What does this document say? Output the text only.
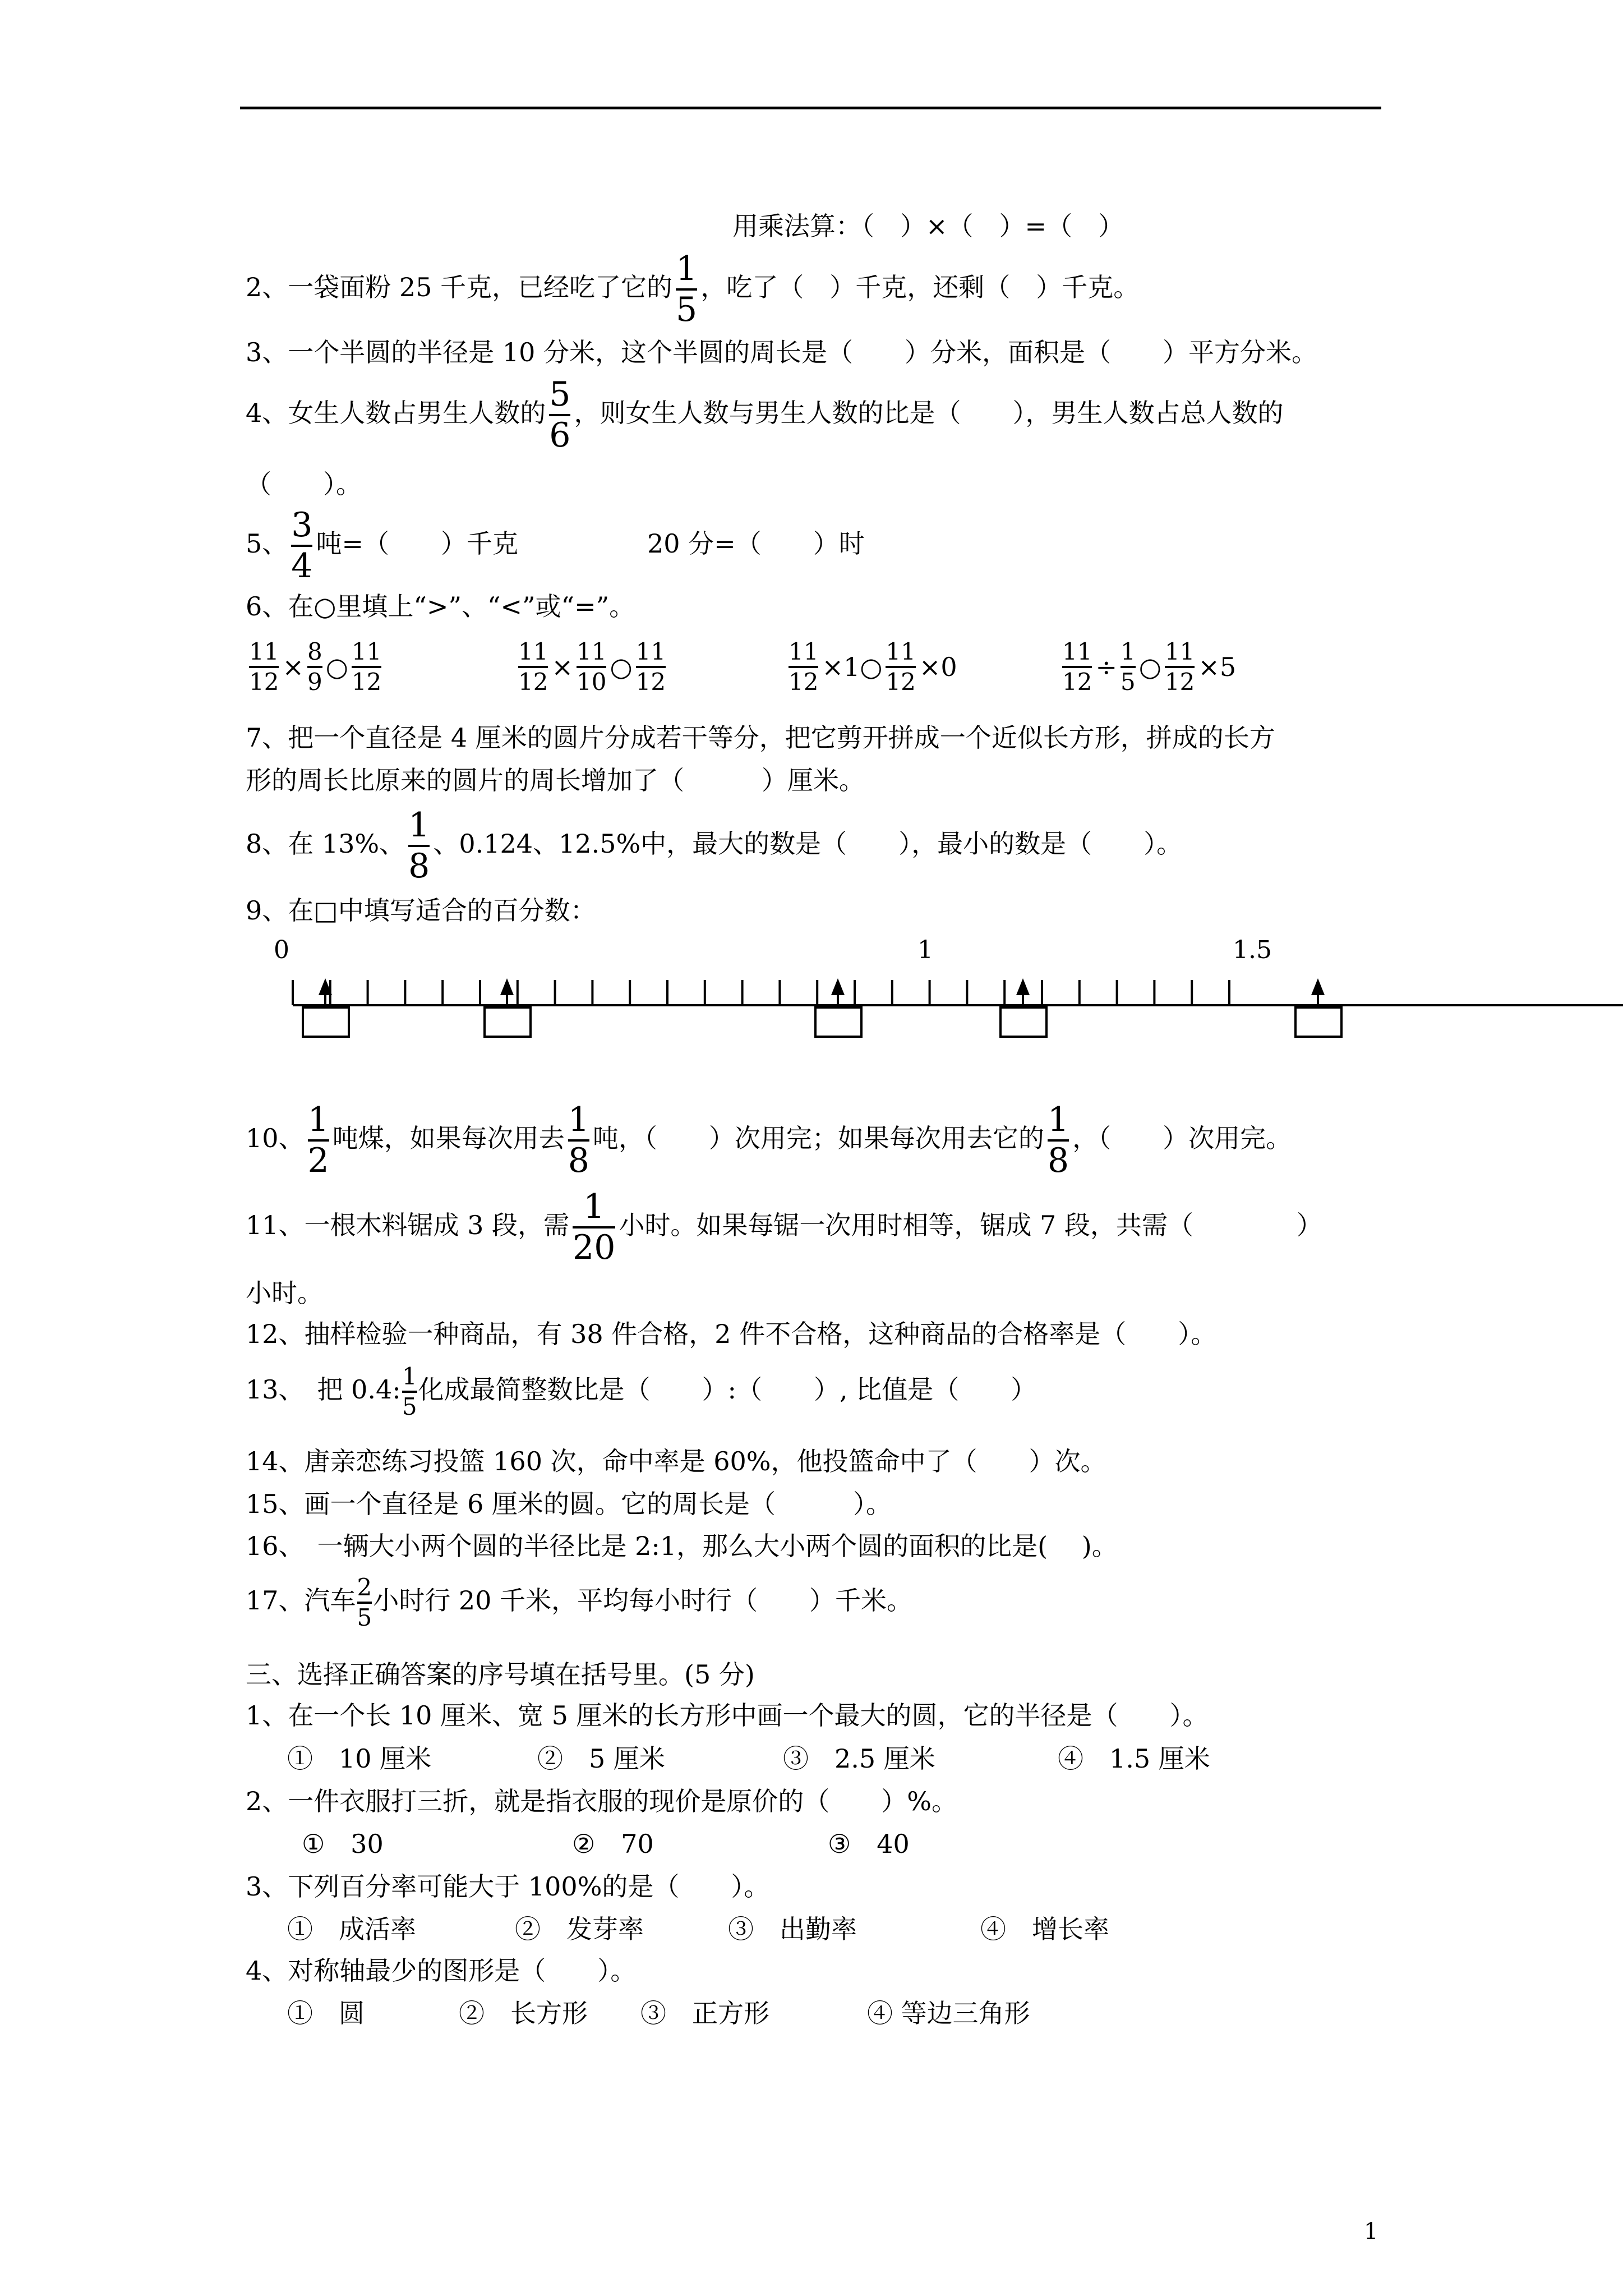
用乘法算：（　）×（　）=（　）
2、一袋面粉 25 千克，已经吃了它的 $\frac{1}{5}$ ，吃了（　）千克，还剩（　）千克。
3、一个半圆的半径是 10 分米，这个半圆的周长是（　　）分米，面积是（　　）平方分米。
4、女生人数占男生人数的 $\frac{5}{6}$ ，则女生人数与男生人数的比是（　　），男生人数占总人数的
（　　）。
5、 $\frac{3}{4}$ 吨=（　　）千克	20 分=（　　）时
6、在○里填上“>”、“<”或“=”。
$\frac{11}{12} \times \frac{8}{9}$ ○ $\frac{11}{12}$	$\frac{11}{12} \times \frac{11}{10}$ ○ $\frac{11}{12}$	$\frac{11}{12}$ ×1○ $\frac{11}{12} \times 0$	$\frac{11}{12} \div \frac{1}{5}$ ○ $\frac{11}{12} \times 5$
7、把一个直径是 4 厘米的圆片分成若干等分，把它剪开拼成一个近似长方形，拼成的长方
形的周长比原来的圆片的周长增加了（　　　）厘米。
8、在 13%、 $\frac{1}{8}$ 、0.124、12.5%中，最大的数是（　　），最小的数是（　　）。
9、在□中填写适合的百分数：
0	1	1.5
10、 $\frac{1}{2}$ 吨煤，如果每次用去 $\frac{1}{8}$ 吨，（　　）次用完；如果每次用去它的 $\frac{1}{8}$ ，（　　）次用完。
11、一根木料锯成 3 段，需 $\frac{1}{20}$ 小时。如果每锯一次用时相等，锯成 7 段，共需（　　　　）
小时。
12、抽样检验一种商品，有 38 件合格，2 件不合格，这种商品的合格率是（　　）。
13、　把 0.4: $\frac{1}{5}$ 化成最简整数比是（　　）:（　　）, 比值是（　　）
14、唐亲恋练习投篮 160 次，命中率是 60%，他投篮命中了（　　）次。
15、画一个直径是 6 厘米的圆。它的周长是（　　　）。
16、　一辆大小两个圆的半径比是 2:1，那么大小两个圆的面积的比是(　 )。
17、汽车 $\frac{2}{5}$ 小时行 20 千米，平均每小时行（　　）千米。
三、选择正确答案的序号填在括号里。(5 分)
1、在一个长 10 厘米、宽 5 厘米的长方形中画一个最大的圆，它的半径是（　　）。
①　10 厘米	②　5 厘米	③　2.5 厘米	④　1.5 厘米
2、一件衣服打三折，就是指衣服的现价是原价的（　　）%。
①　30	②　70	③　40
3、下列百分率可能大于 100%的是（　　）。
①　成活率	②　发芽率	③　出勤率	④　增长率
4、对称轴最少的图形是（　　）。
①　圆	②　长方形 ③　正方形	④ 等边三角形
1
